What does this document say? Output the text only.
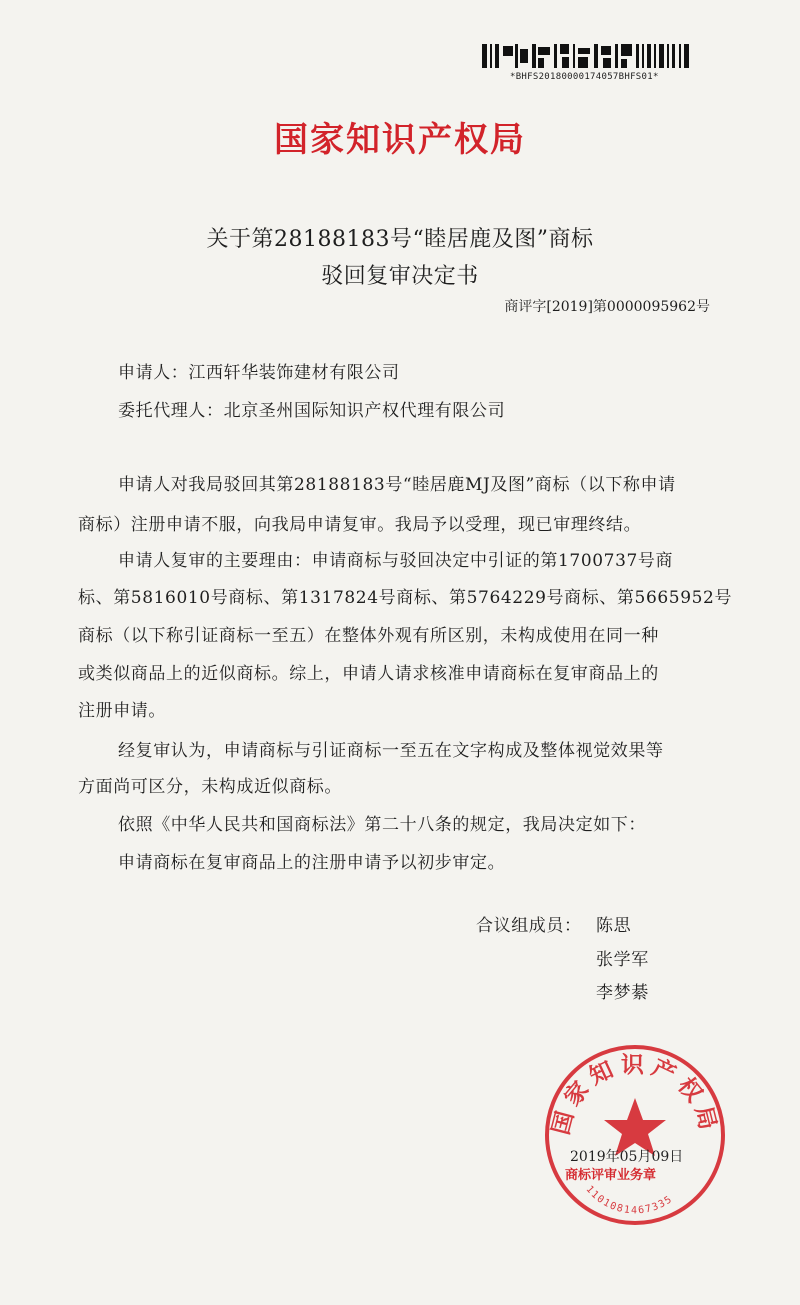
*BHFS20180000174057BHFS01*
国家知识产权局
关于第28188183号“睦居鹿及图”商标
驳回复审决定书
商评字[2019]第0000095962号
申请人：江西轩华装饰建材有限公司
委托代理人：北京圣州国际知识产权代理有限公司
申请人对我局驳回其第28188183号“睦居鹿MJ及图”商标（以下称申请
商标）注册申请不服，向我局申请复审。我局予以受理，现已审理终结。
申请人复审的主要理由：申请商标与驳回决定中引证的第1700737号商
标、第5816010号商标、第1317824号商标、第5764229号商标、第5665952号
商标（以下称引证商标一至五）在整体外观有所区别，未构成使用在同一种
或类似商品上的近似商标。综上，申请人请求核准申请商标在复审商品上的
注册申请。
经复审认为，申请商标与引证商标一至五在文字构成及整体视觉效果等
方面尚可区分，未构成近似商标。
依照《中华人民共和国商标法》第二十八条的规定，我局决定如下：
申请商标在复审商品上的注册申请予以初步审定。
合议组成员： 陈思
张学军
李梦綦
国家知识产权局
1101081467335
2019年05月09日
商标评审业务章
